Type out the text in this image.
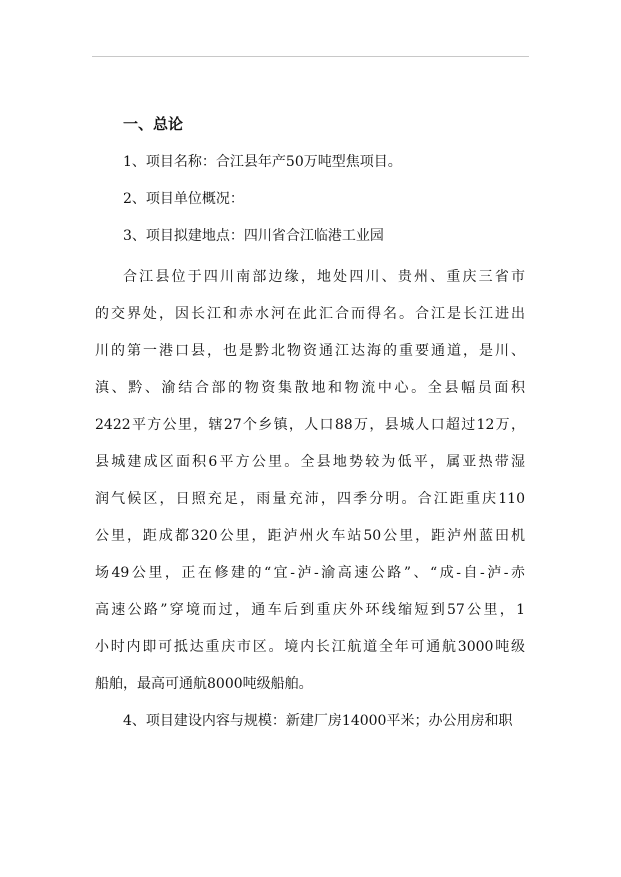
一、总论

1、项目名称：合江县年产50万吨型焦项目。

2、项目单位概况：

3、项目拟建地点：四川省合江临港工业园

合江县位于四川南部边缘，地处四川、贵州、重庆三省市

的交界处，因长江和赤水河在此汇合而得名。合江是长江进出

川的第一港口县，也是黔北物资通江达海的重要通道，是川、

滇、黔、渝结合部的物资集散地和物流中心。全县幅员面积

2422平方公里，辖27个乡镇，人口88万，县城人口超过12万，

县城建成区面积6平方公里。全县地势较为低平，属亚热带湿

润气候区，日照充足，雨量充沛，四季分明。合江距重庆110

公里，距成都320公里，距泸州火车站50公里，距泸州蓝田机

场49公里，正在修建的“宜-泸-渝高速公路”、“成-自-泸-赤

高速公路”穿境而过，通车后到重庆外环线缩短到57公里，1

小时内即可抵达重庆市区。境内长江航道全年可通航3000吨级

船舶，最高可通航8000吨级船舶。

4、项目建设内容与规模：新建厂房14000平米；办公用房和职
